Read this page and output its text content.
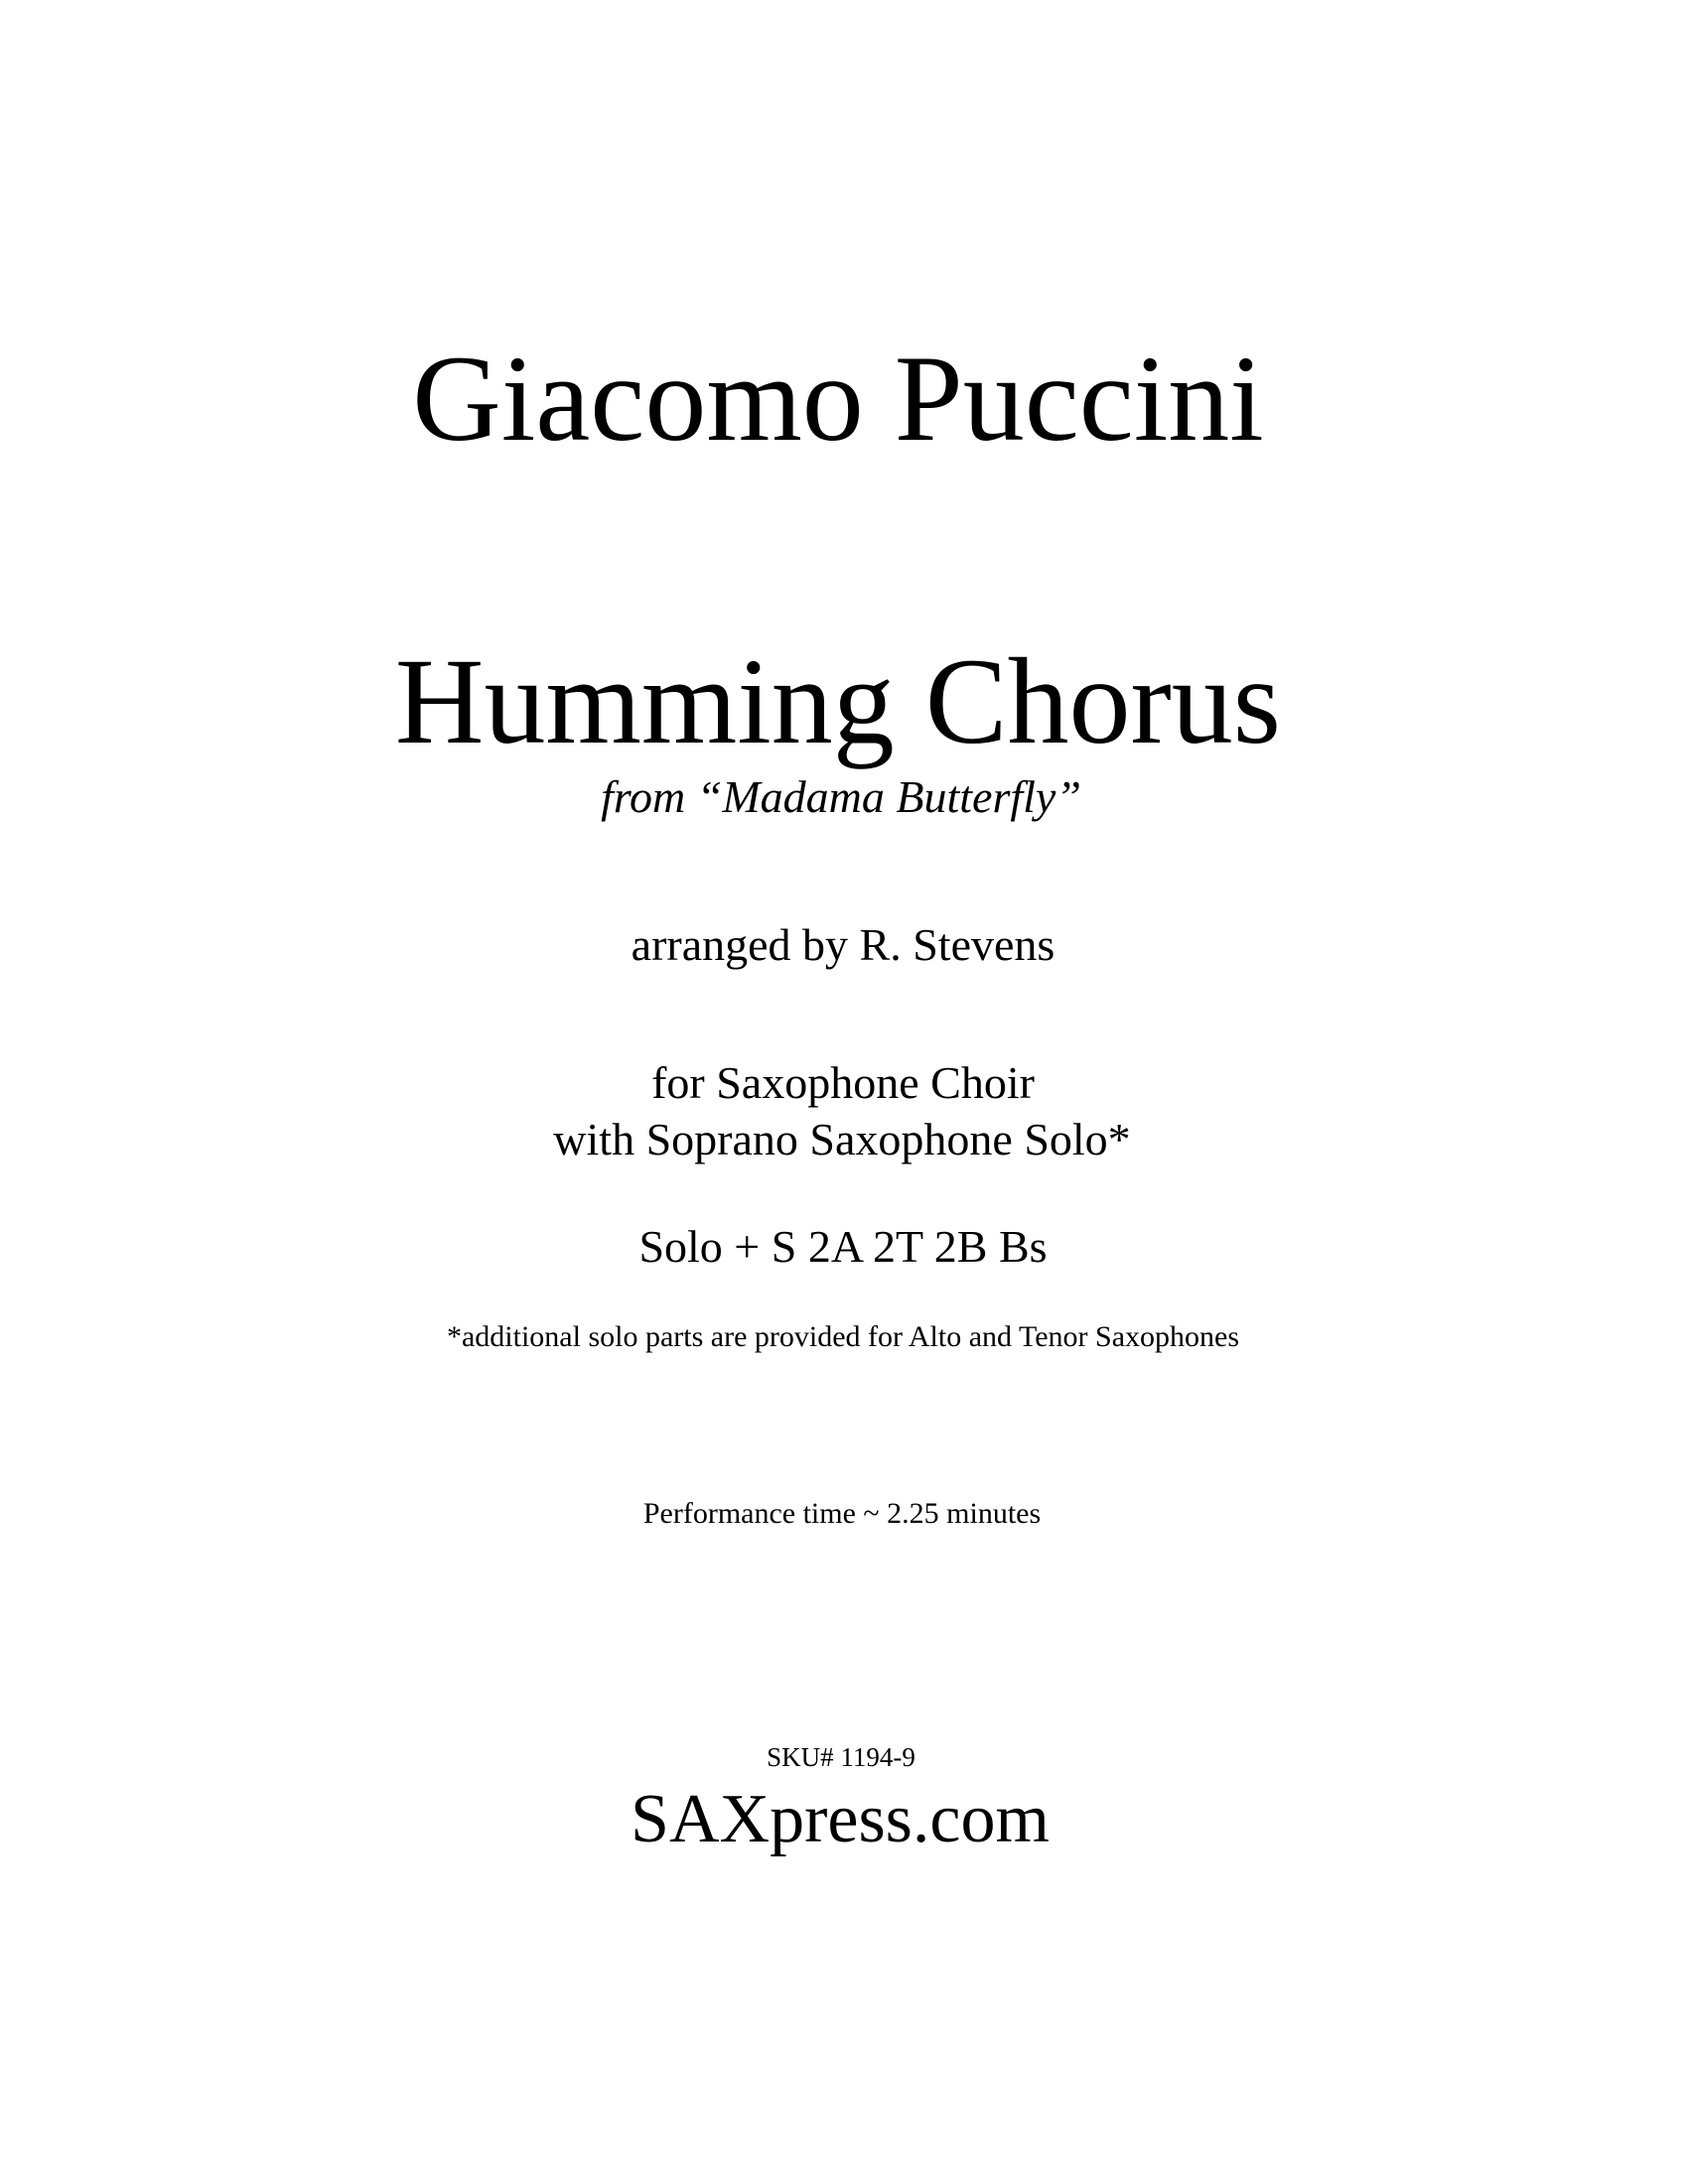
Giacomo Puccini
Humming Chorus
from “Madama Butterfly”
arranged by R. Stevens
for Saxophone Choir
with Soprano Saxophone Solo*
Solo + S 2A 2T 2B Bs
*additional solo parts are provided for Alto and Tenor Saxophones
Performance time ~ 2.25 minutes
SKU# 1194-9
SAXpress.com
